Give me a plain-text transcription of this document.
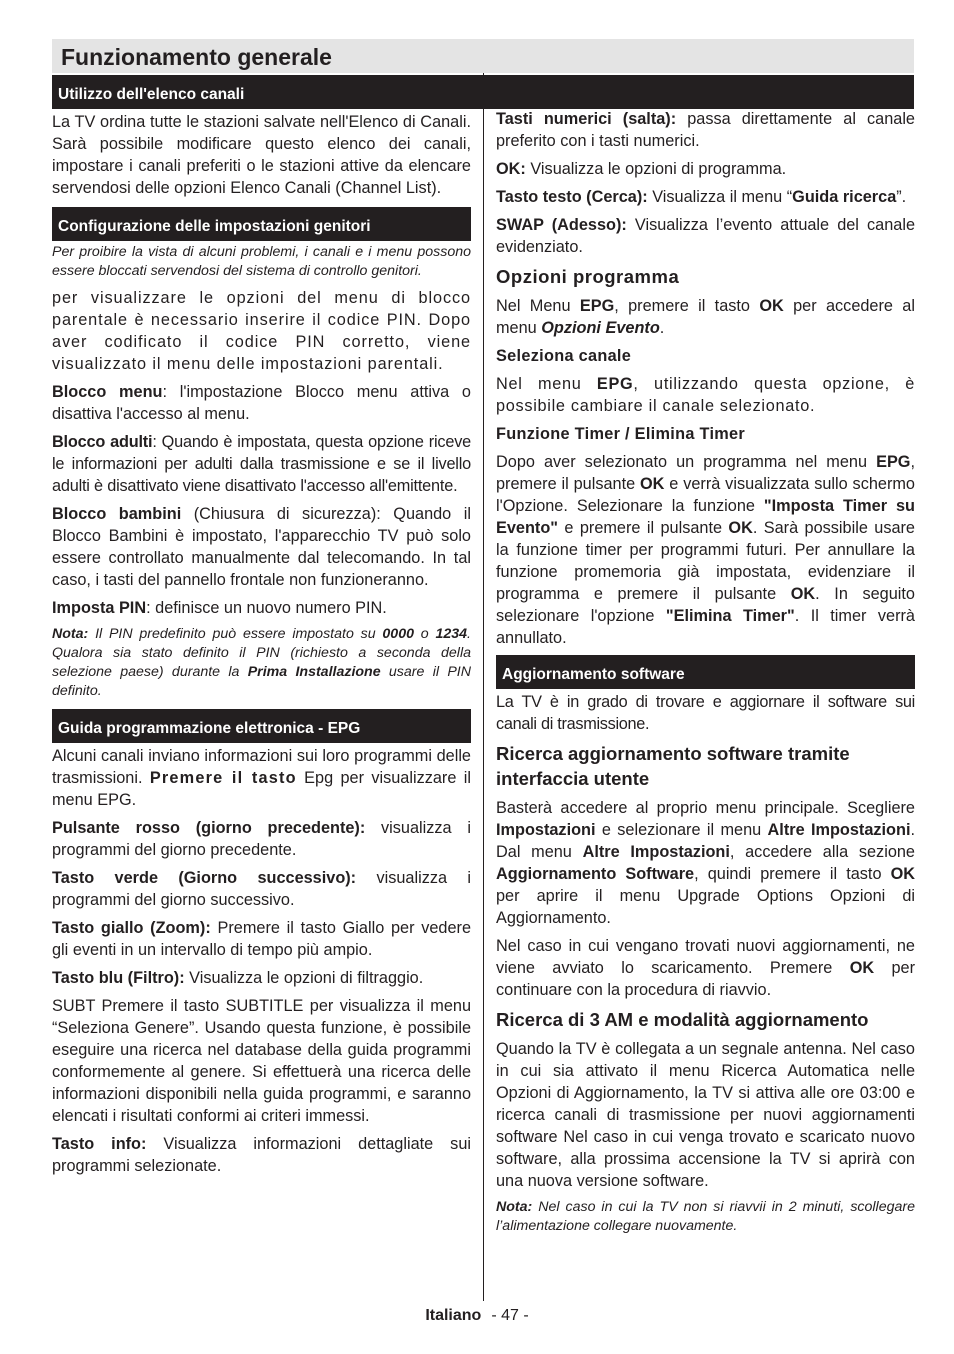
Funzionamento generale
Utilizzo dell'elenco canali

La TV ordina tutte le stazioni salvate nell'Elenco di Canali. Sarà possibile modificare questo elenco dei canali, impostare i canali preferiti o le stazioni attive da elencare servendosi delle opzioni Elenco Canali (Channel List).

Configurazione delle impostazioni genitori

Per proibire la vista di alcuni problemi, i canali e i menu possono essere bloccati servendosi del sistema di controllo genitori.

per visualizzare le opzioni del menu di blocco parentale è necessario inserire il codice PIN. Dopo aver codificato il codice PIN corretto, viene visualizzato il menu delle impostazioni parentali.

Blocco menu: l'impostazione Blocco menu attiva o disattiva l'accesso al menu.

Blocco adulti: Quando è impostata, questa opzione riceve le informazioni per adulti dalla trasmissione e se il livello adulti è disattivato viene disattivato l'accesso all'emittente.

Blocco bambini (Chiusura di sicurezza): Quando il Blocco Bambini è impostato, l'apparecchio TV può solo essere controllato manualmente dal telecomando. In tal caso, i tasti del pannello frontale non funzioneranno.

Imposta PIN: definisce un nuovo numero PIN.

Nota: Il PIN predefinito può essere impostato su 0000 o 1234. Qualora sia stato definito il PIN (richiesto a seconda della selezione paese) durante la Prima Installazione usare il PIN definito.

Guida programmazione elettronica - EPG

Alcuni canali inviano informazioni sui loro programmi delle trasmissioni. Premere il tasto Epg per visualizzare il menu EPG.

Pulsante rosso (giorno precedente): visualizza i programmi del giorno precedente.

Tasto verde (Giorno successivo): visualizza i programmi del giorno successivo.

Tasto giallo (Zoom): Premere il tasto Giallo per vedere gli eventi in un intervallo di tempo più ampio.

Tasto blu (Filtro): Visualizza le opzioni di filtraggio.

SUBT Premere il tasto SUBTITLE per visualizza il menu “Seleziona Genere”. Usando questa funzione, è possibile eseguire una ricerca nel database della guida programmi conformemente al genere. Si effettuerà una ricerca delle informazioni disponibili nella guida programmi, e saranno elencati i risultati conformi ai criteri immessi.

Tasto info: Visualizza informazioni dettagliate sui programmi selezionate.

Tasti numerici (salta): passa direttamente al canale preferito con i tasti numerici.

OK: Visualizza le opzioni di programma.

Tasto testo (Cerca): Visualizza il menu “Guida ricerca”.

SWAP (Adesso): Visualizza l’evento attuale del canale evidenziato.

Opzioni programma

Nel Menu EPG, premere il tasto OK per accedere al menu Opzioni Evento.

Seleziona canale

Nel menu EPG, utilizzando questa opzione, è possibile cambiare il canale selezionato.

Funzione Timer / Elimina Timer

Dopo aver selezionato un programma nel menu EPG, premere il pulsante OK e verrà visualizzata sullo schermo l'Opzione. Selezionare la funzione "Imposta Timer su Evento" e premere il pulsante OK. Sarà possibile usare la funzione timer per programmi futuri. Per annullare la funzione promemoria già impostata, evidenziare il programma e premere il pulsante OK. In seguito selezionare l'opzione "Elimina Timer". Il timer verrà annullato.

Aggiornamento software

La TV è in grado di trovare e aggiornare il software sui canali di trasmissione.

Ricerca aggiornamento software tramite interfaccia utente

Basterà accedere al proprio menu principale. Scegliere Impostazioni e selezionare il menu Altre Impostazioni. Dal menu Altre Impostazioni, accedere alla sezione Aggiornamento Software, quindi premere il tasto OK per aprire il menu Upgrade Options Opzioni di Aggiornamento.

Nel caso in cui vengano trovati nuovi aggiornamenti, ne viene avviato lo scaricamento. Premere OK per continuare con la procedura di riavvio.

Ricerca di 3 AM e modalità aggiornamento

Quando la TV è collegata a un segnale antenna. Nel caso in cui sia attivato il menu Ricerca Automatica nelle Opzioni di Aggiornamento, la TV si attiva alle ore 03:00 e ricerca canali di trasmissione per nuovi aggiornamenti software Nel caso in cui venga trovato e scaricato nuovo software, alla prossima accensione la TV si aprirà con una nuova versione software.

Nota: Nel caso in cui la TV non si riavvii in 2 minuti, scollegare l’alimentazione collegare nuovamente.

Italiano - 47 -
